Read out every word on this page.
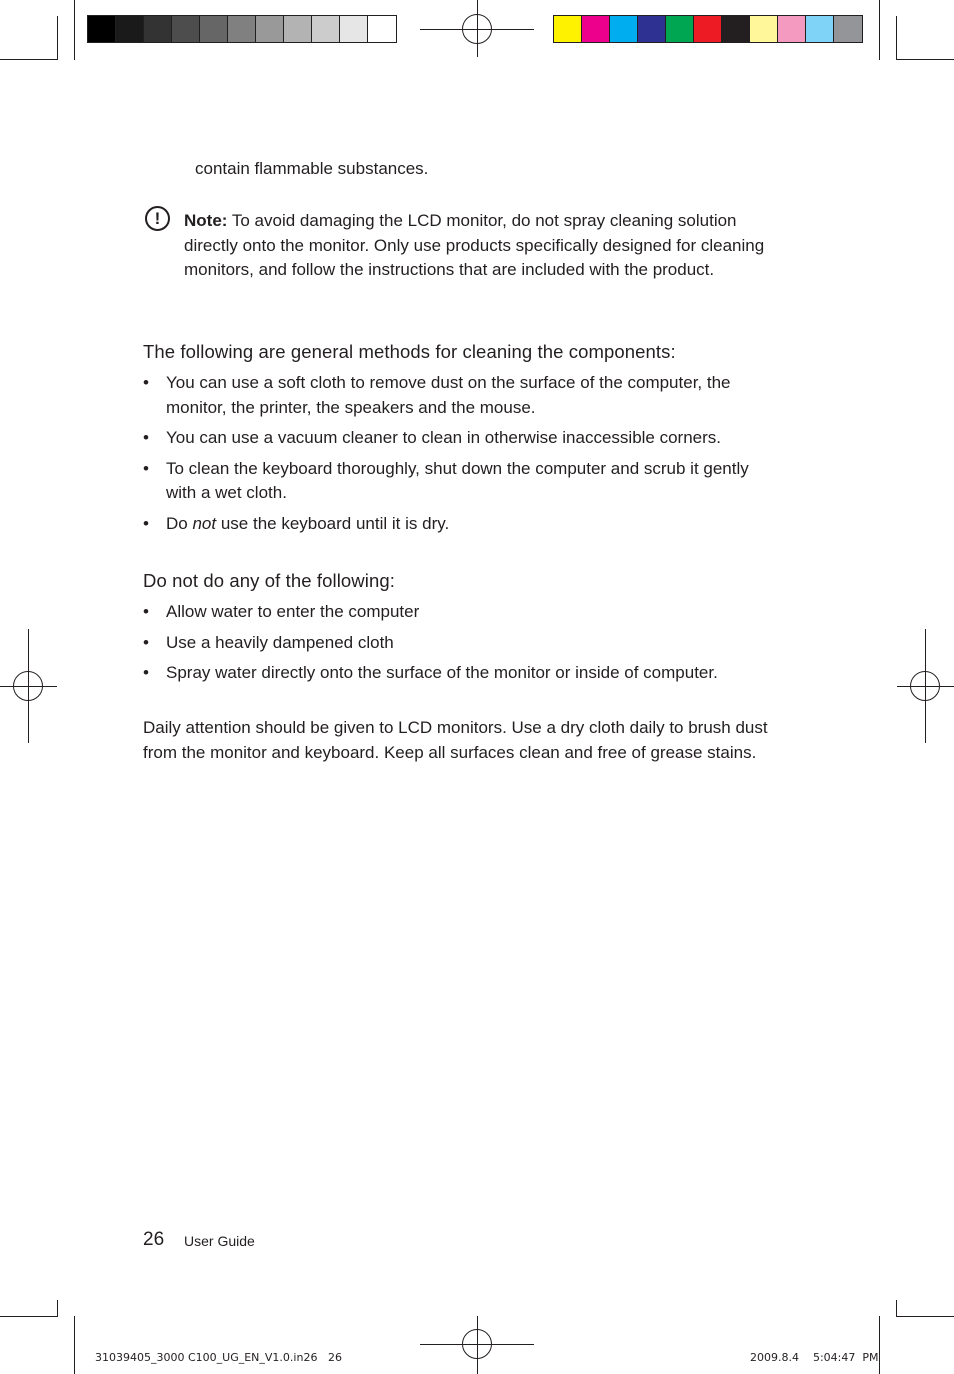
contain flammable substances.
!	Note: To avoid damaging the LCD monitor, do not spray cleaning solution directly onto the monitor. Only use products specifically designed for cleaning monitors, and follow the instructions that are included with the product.
The following are general methods for cleaning the components:
• You can use a soft cloth to remove dust on the surface of the computer, the monitor, the printer, the speakers and the mouse.
• You can use a vacuum cleaner to clean in otherwise inaccessible corners.
• To clean the keyboard thoroughly, shut down the computer and scrub it gently with a wet cloth.
• Do not use the keyboard until it is dry.
Do not do any of the following:
• Allow water to enter the computer
• Use a heavily dampened cloth
• Spray water directly onto the surface of the monitor or inside of computer.
Daily attention should be given to LCD monitors. Use a dry cloth daily to brush dust from the monitor and keyboard. Keep all surfaces clean and free of grease stains.
26 User Guide
31039405_3000 C100_UG_EN_V1.0.in26   26	2009.8.4    5:04:47  PM
